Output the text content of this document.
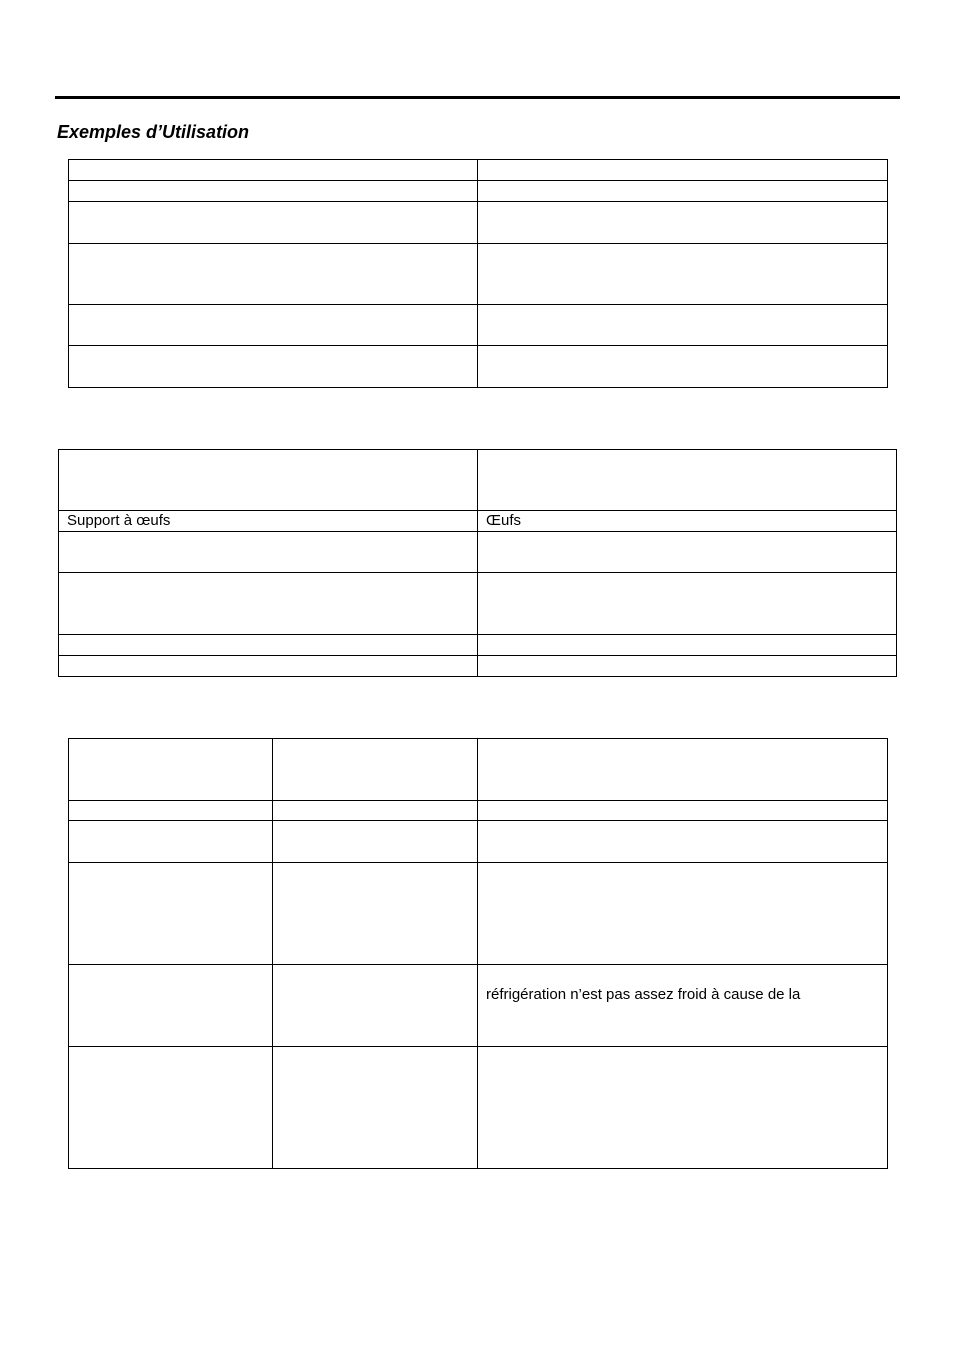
Exemples d’Utilisation

Support à œufs	Œufs

		réfrigération n’est pas assez froid à cause de la
